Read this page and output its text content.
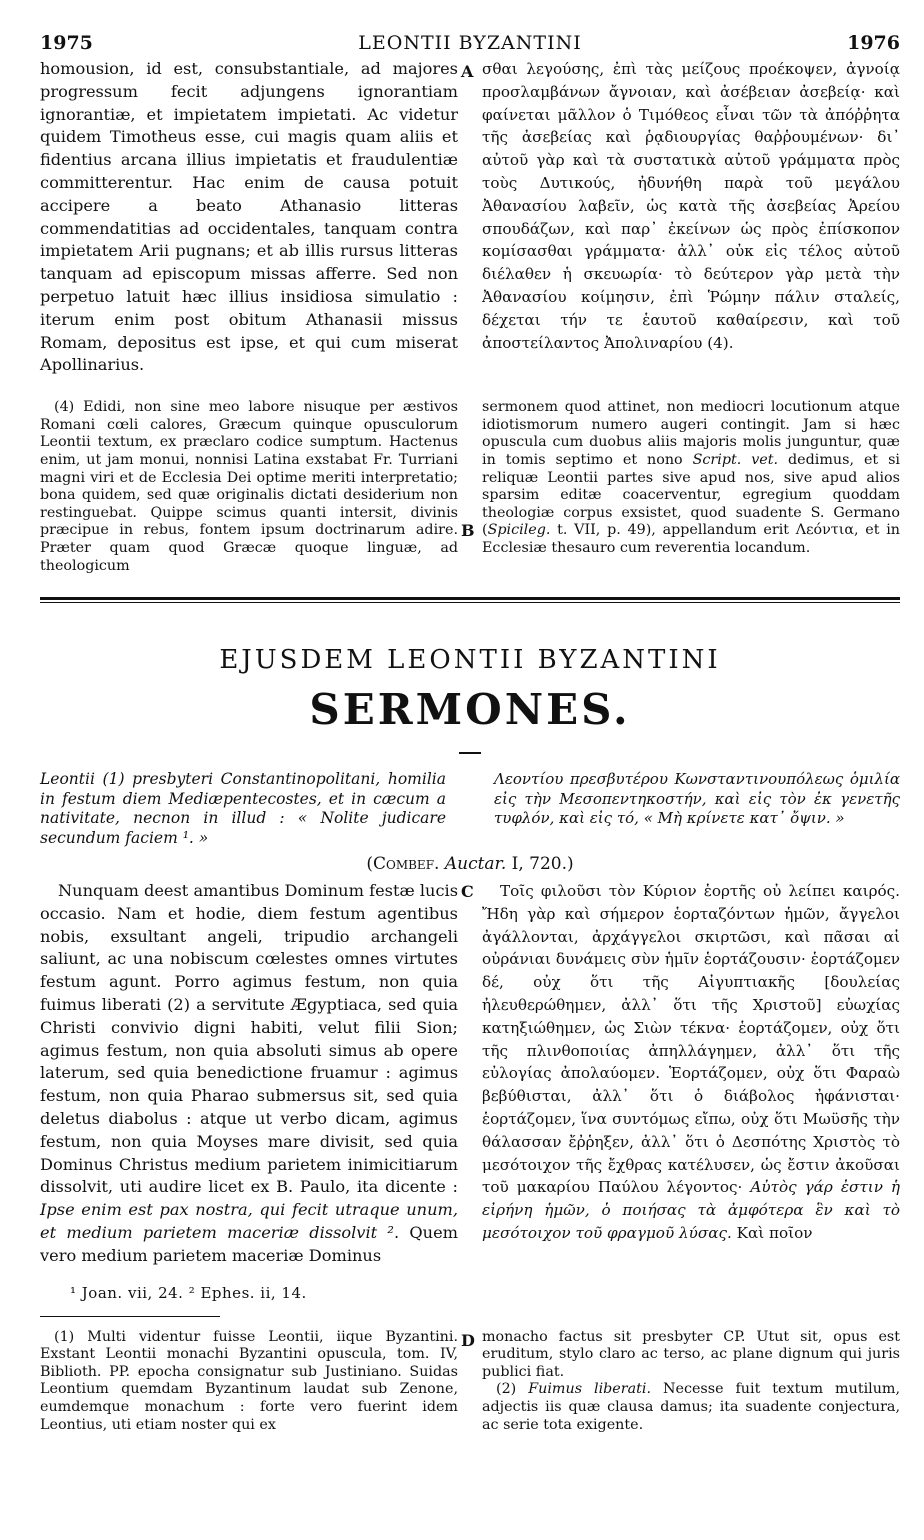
1975	LEONTII BYZANTINI	1976

homousion, id est, consubstantiale, ad majores progressum fecit adjungens ignorantiam ignorantiæ, et impietatem impietati. Ac videtur quidem Timotheus esse, cui magis quam aliis et fidentius arcana illius impietatis et fraudulentiæ committerentur. Hac enim de causa potuit accipere a beato Athanasio litteras commendatitias ad occidentales, tanquam contra impietatem Arii pugnans; et ab illis rursus litteras tanquam ad episcopum missas afferre. Sed non perpetuo latuit hæc illius insidiosa simulatio : iterum enim post obitum Athanasii missus Romam, depositus est ipse, et qui cum miserat Apollinarius.

A σθαι λεγούσης, ἐπὶ τὰς μείζους προέκοψεν, ἀγνοίᾳ προσλαμβάνων ἄγνοιαν, καὶ ἀσέβειαν ἀσεβείᾳ· καὶ φαίνεται μᾶλλον ὁ Τιμόθεος εἶναι τῶν τὰ ἀπόῤῥητα τῆς ἀσεβείας καὶ ῥᾳδιουργίας θαῤῥουμένων· δι᾽ αὐτοῦ γὰρ καὶ τὰ συστατικὰ αὐτοῦ γράμματα πρὸς τοὺς Δυτικούς, ἠδυνήθη παρὰ τοῦ μεγάλου Ἀθανασίου λαβεῖν, ὡς κατὰ τῆς ἀσεβείας Ἀρείου σπουδάζων, καὶ παρ᾽ ἐκείνων ὡς πρὸς ἐπίσκοπον κομίσασθαι γράμματα· ἀλλ᾽ οὐκ εἰς τέλος αὐτοῦ διέλαθεν ἡ σκευωρία· τὸ δεύτερον γὰρ μετὰ τὴν Ἀθανασίου κοίμησιν, ἐπὶ Ῥώμην πάλιν σταλείς, δέχεται τήν τε ἑαυτοῦ καθαίρεσιν, καὶ τοῦ ἀποστείλαντος Ἀπολιναρίου (4).

(4) Edidi, non sine meo labore nisuque per æstivos Romani cœli calores, Græcum quinque opusculorum Leontii textum, ex præclaro codice sumptum. Hactenus enim, ut jam monui, nonnisi Latina exstabat Fr. Turriani magni viri et de Ecclesia Dei optime meriti interpretatio; bona quidem, sed quæ originalis dictati desiderium non restinguebat. Quippe scimus quanti intersit, divinis præcipue in rebus, fontem ipsum doctrinarum adire. Præter quam quod Græcæ quoque linguæ, ad theologicum

B

sermonem quod attinet, non mediocri locutionum atque idiotismorum numero augeri contingit. Jam si hæc opuscula cum duobus aliis majoris molis junguntur, quæ in tomis septimo et nono Script. vet. dedimus, et si reliquæ Leontii partes sive apud nos, sive apud alios sparsim editæ coacerventur, egregium quoddam theologiæ corpus exsistet, quod suadente S. Germano (Spicileg. t. VII, p. 49), appellandum erit Λεόντια, et in Ecclesiæ thesauro cum reverentia locandum.

EJUSDEM LEONTII BYZANTINI
SERMONES.
Leontii (1) presbyteri Constantinopolitani, homilia in festum diem Mediæpentecostes, et in cæcum a nativitate, necnon in illud : « Nolite judicare secundum faciem ¹. »
Λεοντίου πρεσβυτέρου Κωνσταντινουπόλεως ὁμιλία εἰς τὴν Μεσοπεντηκοστήν, καὶ εἰς τὸν ἐκ γενετῆς τυφλόν, καὶ εἰς τό, « Μὴ κρίνετε κατ᾽ ὄψιν. »
(Combef. Auctar. I, 720.)

Nunquam deest amantibus Dominum festæ lucis occasio. Nam et hodie, diem festum agentibus nobis, exsultant angeli, tripudio archangeli saliunt, ac una nobiscum cœlestes omnes virtutes festum agunt. Porro agimus festum, non quia fuimus liberati (2) a servitute Ægyptiaca, sed quia Christi convivio digni habiti, velut filii Sion; agimus festum, non quia absoluti simus ab opere laterum, sed quia benedictione fruamur : agimus festum, non quia Pharao submersus sit, sed quia deletus diabolus : atque ut verbo dicam, agimus festum, non quia Moyses mare divisit, sed quia Dominus Christus medium parietem inimicitiarum dissolvit, uti audire licet ex B. Paulo, ita dicente : Ipse enim est pax nostra, qui fecit utraque unum, et medium parietem maceriæ dissolvit ². Quem vero medium parietem maceriæ Dominus

C	Τοῖς φιλοῦσι τὸν Κύριον ἑορτῆς οὐ λείπει καιρός. Ἤδη γὰρ καὶ σήμερον ἑορταζόντων ἡμῶν, ἄγγελοι ἀγάλλονται, ἀρχάγγελοι σκιρτῶσι, καὶ πᾶσαι αἱ οὐράνιαι δυνάμεις σὺν ἡμῖν ἑορτάζουσιν· ἑορτάζομεν δέ, οὐχ ὅτι τῆς Αἰγυπτιακῆς [δουλείας ἠλευθερώθημεν, ἀλλ᾽ ὅτι τῆς Χριστοῦ] εὐωχίας κατηξιώθημεν, ὡς Σιὼν τέκνα· ἑορτάζομεν, οὐχ ὅτι τῆς πλινθοποιίας ἀπηλλάγημεν, ἀλλ᾽ ὅτι τῆς εὐλογίας ἀπολαύομεν. Ἑορτάζομεν, οὐχ ὅτι Φαραὼ βεβύθισται, ἀλλ᾽ ὅτι ὁ διάβολος ἠφάνισται· ἑορτάζομεν, ἵνα συντόμως εἴπω, οὐχ ὅτι Μωϋσῆς τὴν θάλασσαν ἔῤῥηξεν, ἀλλ᾽ ὅτι ὁ Δεσπότης Χριστὸς τὸ μεσότοιχον τῆς ἔχθρας κατέλυσεν, ὡς ἔστιν ἀκοῦσαι τοῦ μακαρίου Παύλου λέγοντος· Αὐτὸς γάρ ἐστιν ἡ εἰρήνη ἡμῶν, ὁ ποιήσας τὰ ἀμφότερα ἓν καὶ τὸ μεσότοιχον τοῦ φραγμοῦ λύσας. Καὶ ποῖον

¹ Joan. vii, 24. ² Ephes. ii, 14.

(1) Multi videntur fuisse Leontii, iique Byzantini. Exstant Leontii monachi Byzantini opuscula, tom. IV, Biblioth. PP. epocha consignatur sub Justiniano. Suidas Leontium quemdam Byzantinum laudat sub Zenone, eumdemque monachum : forte vero fuerint idem Leontius, uti etiam noster qui ex

D monacho factus sit presbyter CP. Utut sit, opus est eruditum, stylo claro ac terso, ac plane dignum qui juris publici fiat.

(2) Fuimus liberati. Necesse fuit textum mutilum, adjectis iis quæ clausa damus; ita suadente conjectura, ac serie tota exigente.
